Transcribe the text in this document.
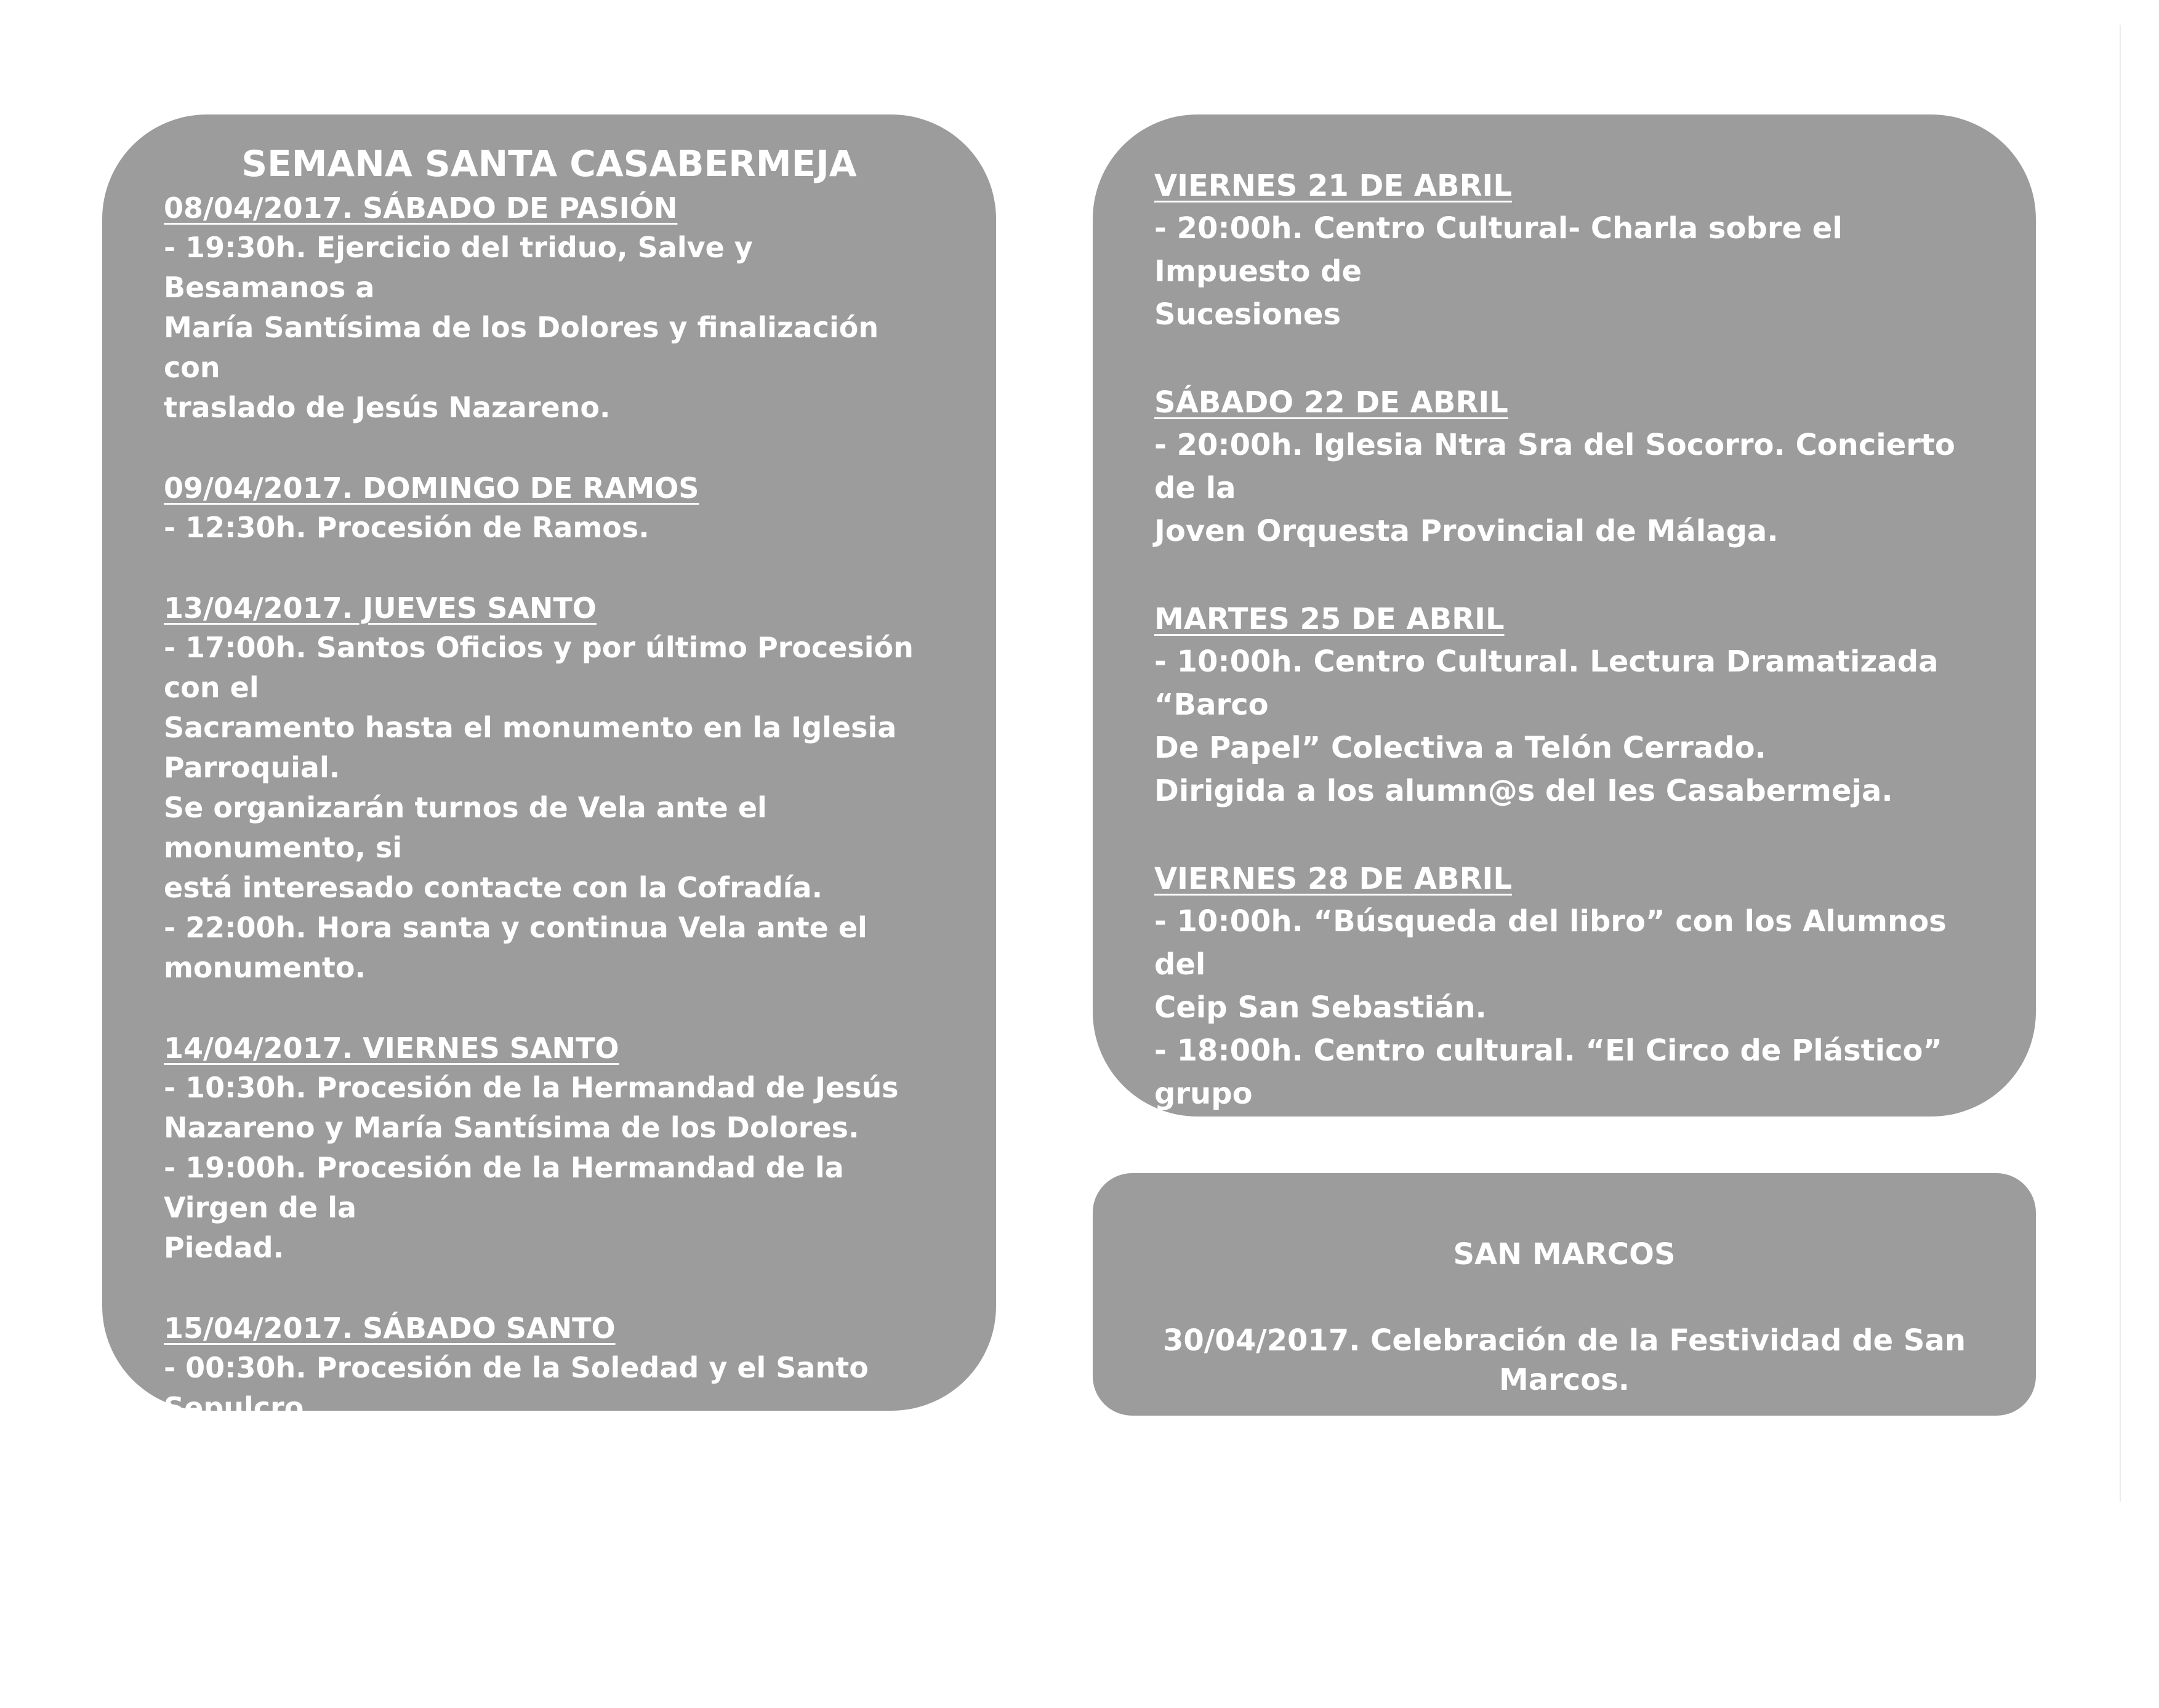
SEMANA SANTA CASABERMEJA
08/04/2017. SÁBADO DE PASIÓN
- 19:30h. Ejercicio del triduo, Salve y Besamanos a
María Santísima de los Dolores y finalización con
traslado de Jesús Nazareno.
09/04/2017. DOMINGO DE RAMOS
- 12:30h. Procesión de Ramos.
13/04/2017. JUEVES SANTO
- 17:00h. Santos Oficios y por último Procesión con el
Sacramento hasta el monumento en la Iglesia
Parroquial.
Se organizarán turnos de Vela ante el monumento, si
está interesado contacte con la Cofradía.
- 22:00h. Hora santa y continua Vela ante el
monumento.
14/04/2017. VIERNES SANTO
- 10:30h. Procesión de la Hermandad de Jesús
Nazareno y María Santísima de los Dolores.
- 19:00h. Procesión de la Hermandad de la Virgen de la
Piedad.
15/04/2017. SÁBADO SANTO
- 00:30h. Procesión de la Soledad y el Santo Sepulcro.
- 22:00h. Solemne Vigilia Pascual de Resurrección.
16/04/2017. DOMINGO DE RESURECCIÓN
- 12:30h. Santa Misa Gloriosa y Proceción de Cristo
Resucitado.
VIERNES 21 DE ABRIL
- 20:00h. Centro Cultural- Charla sobre el Impuesto de
Sucesiones
SÁBADO 22 DE ABRIL
- 20:00h. Iglesia Ntra Sra del Socorro. Concierto de la
Joven Orquesta Provincial de Málaga.
MARTES 25 DE ABRIL
- 10:00h. Centro Cultural. Lectura Dramatizada “Barco
De Papel” Colectiva a Telón Cerrado.
Dirigida a los alumn@s del Ies Casabermeja.
VIERNES 28 DE ABRIL
- 10:00h. “Búsqueda del libro” con los Alumnos del
Ceip San Sebastián.
- 18:00h. Centro cultural. “El Circo de Plástico” grupo
de teatro infantil de Casabermeja. dirige Manuel
SAN MARCOS
30/04/2017. Celebración de la Festividad de San Marcos.
